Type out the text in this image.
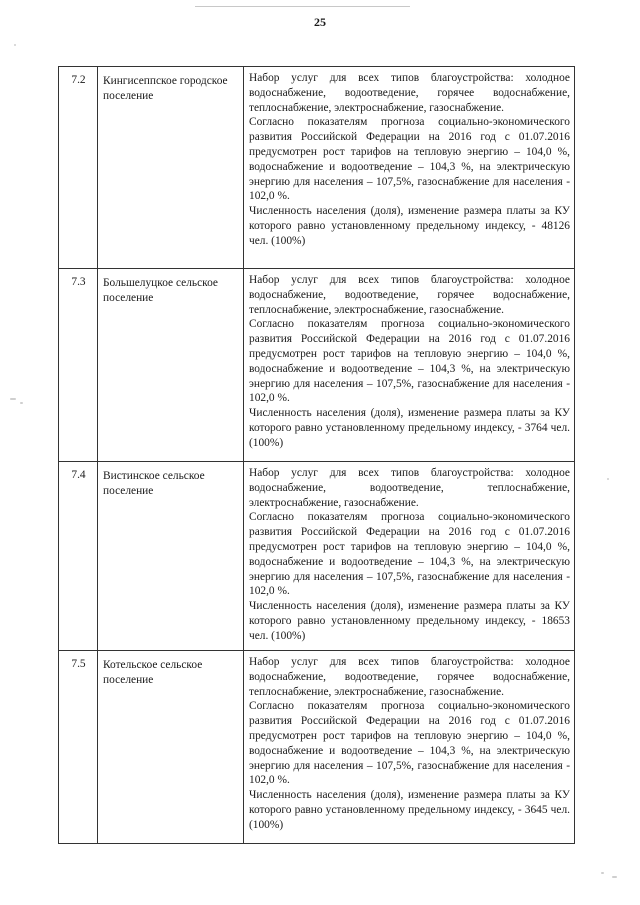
25
7.2	Кингисеппское городское поселение	Набор услуг для всех типов благоустройства: холодное водоснабжение, водоотведение, горячее водоснабжение, теплоснабжение, электроснабжение, газоснабжение.

Согласно показателям прогноза социально-экономического развития Российской Федерации на 2016 год с 01.07.2016 предусмотрен рост тарифов на тепловую энергию – 104,0 %, водоснабжение и водоотведение – 104,3 %, на электрическую энергию для населения – 107,5%, газоснабжение для населения - 102,0 %.

Численность населения (доля), изменение размера платы за КУ которого равно установленному предельному индексу, - 48126 чел. (100%)

7.3	Большелуцкое сельское поселение	Набор услуг для всех типов благоустройства: холодное водоснабжение, водоотведение, горячее водоснабжение, теплоснабжение, электроснабжение, газоснабжение.

Согласно показателям прогноза социально-экономического развития Российской Федерации на 2016 год с 01.07.2016 предусмотрен рост тарифов на тепловую энергию – 104,0 %, водоснабжение и водоотведение – 104,3 %, на электрическую энергию для населения – 107,5%, газоснабжение для населения - 102,0 %.

Численность населения (доля), изменение размера платы за КУ которого равно установленному предельному индексу, - 3764 чел. (100%)

7.4	Вистинское сельское поселение	Набор услуг для всех типов благоустройства: холодное водоснабжение, водоотведение, теплоснабжение, электроснабжение, газоснабжение.

Согласно показателям прогноза социально-экономического развития Российской Федерации на 2016 год с 01.07.2016 предусмотрен рост тарифов на тепловую энергию – 104,0 %, водоснабжение и водоотведение – 104,3 %, на электрическую энергию для населения – 107,5%, газоснабжение для населения - 102,0 %.

Численность населения (доля), изменение размера платы за КУ которого равно установленному предельному индексу, - 18653 чел. (100%)

7.5	Котельское сельское поселение	Набор услуг для всех типов благоустройства: холодное водоснабжение, водоотведение, горячее водоснабжение, теплоснабжение, электроснабжение, газоснабжение.

Согласно показателям прогноза социально-экономического развития Российской Федерации на 2016 год с 01.07.2016 предусмотрен рост тарифов на тепловую энергию – 104,0 %, водоснабжение и водоотведение – 104,3 %, на электрическую энергию для населения – 107,5%, газоснабжение для населения - 102,0 %.

Численность населения (доля), изменение размера платы за КУ которого равно установленному предельному индексу, - 3645 чел. (100%)
